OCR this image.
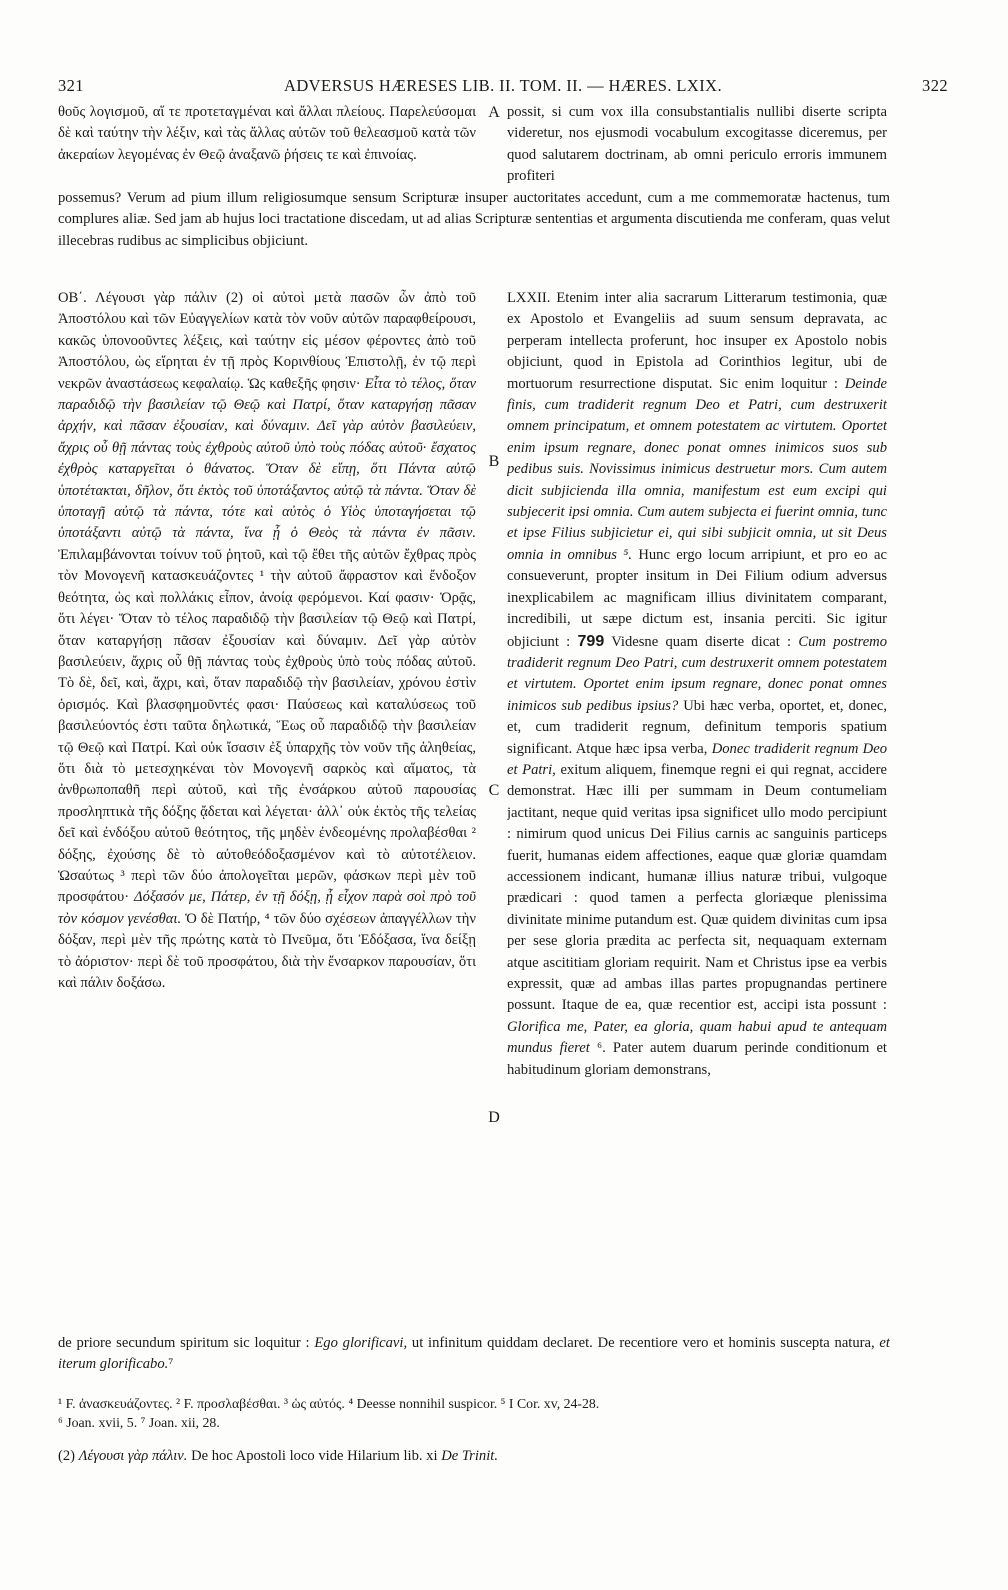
321	ADVERSUS HÆRESES LIB. II. TOM. II. — HÆRES. LXIX.	322

θοῦς λογισμοῦ, αἵ τε προτεταγμέναι καὶ ἄλλαι πλείους. Παρελεύσομαι δὲ καὶ ταύτην τὴν λέξιν, καὶ τὰς ἄλλας αὐτῶν τοῦ θελεασμοῦ κατὰ τῶν ἀκεραίων λεγομένας ἐν Θεῷ ἀναξανῶ ῥήσεις τε καὶ ἐπινοίας.

A possit, si cum vox illa consubstantialis nullibi diserte scripta videretur, nos ejusmodi vocabulum excogitasse diceremus, per quod salutarem doctrinam, ab omni periculo erroris immunem profiteri

possemus? Verum ad pium illum religiosumque sensum Scripturæ insuper auctoritates accedunt, cum a me commemoratæ hactenus, tum complures aliæ. Sed jam ab hujus loci tractatione discedam, ut ad alias Scripturæ sententias et argumenta discutienda me conferam, quas velut illecebras rudibus ac simplicibus objiciunt.

ΟΒ΄. Λέγουσι γὰρ πάλιν (2) οἱ αὐτοὶ μετὰ πασῶν ὧν ἀπὸ τοῦ Ἀποστόλου καὶ τῶν Εὐαγγελίων κατὰ τὸν νοῦν αὐτῶν παραφθείρουσι, κακῶς ὑπονοοῦντες λέξεις, καὶ ταύτην εἰς μέσον φέροντες ἀπὸ τοῦ Ἀποστόλου, ὡς εἴρηται ἐν τῇ πρὸς Κορινθίους Ἐπιστολῇ, ἐν τῷ περὶ νεκρῶν ἀναστάσεως κεφαλαίῳ. Ὡς καθεξῆς φησιν· Εἶτα τὸ τέλος, ὅταν παραδιδῷ τὴν βασιλείαν τῷ Θεῷ καὶ Πατρί, ὅταν καταργήσῃ πᾶσαν ἀρχήν, καὶ πᾶσαν ἐξουσίαν, καὶ δύναμιν. Δεῖ γὰρ αὐτὸν βασιλεύειν, ἄχρις οὗ θῇ πάντας τοὺς ἐχθροὺς αὐτοῦ ὑπὸ τοὺς πόδας αὐτοῦ· ἔσχατος ἐχθρὸς καταργεῖται ὁ θάνατος. Ὅταν δὲ εἴπῃ, ὅτι Πάντα αὐτῷ ὑποτέτακται, δῆλον, ὅτι ἐκτὸς τοῦ ὑποτάξαντος αὐτῷ τὰ πάντα. Ὅταν δὲ ὑποταγῇ αὐτῷ τὰ πάντα, τότε καὶ αὐτὸς ὁ Υἱὸς ὑποταγήσεται τῷ ὑποτάξαντι αὐτῷ τὰ πάντα, ἵνα ᾖ ὁ Θεὸς τὰ πάντα ἐν πᾶσιν. Ἐπιλαμβάνονται τοίνυν τοῦ ῥητοῦ, καὶ τῷ ἔθει τῆς αὐτῶν ἔχθρας πρὸς τὸν Μονογενῆ κατασκευάζοντες ¹ τὴν αὐτοῦ ἄφραστον καὶ ἔνδοξον θεότητα, ὡς καὶ πολλάκις εἶπον, ἀνοίᾳ φερόμενοι. Καί φασιν· Ὁρᾷς, ὅτι λέγει· Ὅταν τὸ τέλος παραδιδῷ τὴν βασιλείαν τῷ Θεῷ καὶ Πατρί, ὅταν καταργήσῃ πᾶσαν ἐξουσίαν καὶ δύναμιν. Δεῖ γὰρ αὐτὸν βασιλεύειν, ἄχρις οὗ θῇ πάντας τοὺς ἐχθροὺς ὑπὸ τοὺς πόδας αὐτοῦ. Τὸ δὲ, δεῖ, καὶ, ἄχρι, καὶ, ὅταν παραδιδῷ τὴν βασιλείαν, χρόνου ἐστὶν ὁρισμός. Καὶ βλασφημοῦντές φασι· Παύσεως καὶ καταλύσεως τοῦ βασιλεύοντός ἐστι ταῦτα δηλωτικά, Ἕως οὗ παραδιδῷ τὴν βασιλείαν τῷ Θεῷ καὶ Πατρί. Καὶ οὐκ ἴσασιν ἐξ ὑπαρχῆς τὸν νοῦν τῆς ἀληθείας, ὅτι διὰ τὸ μετεσχηκέναι τὸν Μονογενῆ σαρκὸς καὶ αἵματος, τὰ ἀνθρωποπαθῆ περὶ αὐτοῦ, καὶ τῆς ἐνσάρκου αὐτοῦ παρουσίας προσληπτικὰ τῆς δόξης ᾄδεται καὶ λέγεται· ἀλλ᾽ οὐκ ἐκτὸς τῆς τελείας δεῖ καὶ ἐνδόξου αὐτοῦ θεότητος, τῆς μηδὲν ἐνδεομένης προλαβέσθαι ² δόξης, ἐχούσης δὲ τὸ αὐτοθεόδοξασμένον καὶ τὸ αὐτοτέλειον. Ὡσαύτως ³ περὶ τῶν δύο ἀπολογεῖται μερῶν, φάσκων περὶ μὲν τοῦ προσφάτου· Δόξασόν με, Πάτερ, ἐν τῇ δόξῃ, ᾗ εἶχον παρὰ σοὶ πρὸ τοῦ τὸν κόσμον γενέσθαι. Ὁ δὲ Πατήρ, ⁴ τῶν δύο σχέσεων ἀπαγγέλλων τὴν δόξαν, περὶ μὲν τῆς πρώτης κατὰ τὸ Πνεῦμα, ὅτι Ἐδόξασα, ἵνα δείξῃ τὸ ἀόριστον· περὶ δὲ τοῦ προσφάτου, διὰ τὴν ἔνσαρκον παρουσίαν, ὅτι καὶ πάλιν δοξάσω.

B
C
D

LXXII. Etenim inter alia sacrarum Litterarum testimonia, quæ ex Apostolo et Evangeliis ad suum sensum depravata, ac perperam intellecta proferunt, hoc insuper ex Apostolo nobis objiciunt, quod in Epistola ad Corinthios legitur, ubi de mortuorum resurrectione disputat. Sic enim loquitur : Deinde finis, cum tradiderit regnum Deo et Patri, cum destruxerit omnem principatum, et omnem potestatem ac virtutem. Oportet enim ipsum regnare, donec ponat omnes inimicos suos sub pedibus suis. Novissimus inimicus destruetur mors. Cum autem dicit subjicienda illa omnia, manifestum est eum excipi qui subjecerit ipsi omnia. Cum autem subjecta ei fuerint omnia, tunc et ipse Filius subjicietur ei, qui sibi subjicit omnia, ut sit Deus omnia in omnibus ⁵. Hunc ergo locum arripiunt, et pro eo ac consueverunt, propter insitum in Dei Filium odium adversus inexplicabilem ac magnificam illius divinitatem comparant, incredibili, ut sæpe dictum est, insania perciti. Sic igitur objiciunt : 799 Videsne quam diserte dicat : Cum postremo tradiderit regnum Deo Patri, cum destruxerit omnem potestatem et virtutem. Oportet enim ipsum regnare, donec ponat omnes inimicos sub pedibus ipsius? Ubi hæc verba, oportet, et, donec, et, cum tradiderit regnum, definitum temporis spatium significant. Atque hæc ipsa verba, Donec tradiderit regnum Deo et Patri, exitum aliquem, finemque regni ei qui regnat, accidere demonstrat. Hæc illi per summam in Deum contumeliam jactitant, neque quid veritas ipsa significet ullo modo percipiunt : nimirum quod unicus Dei Filius carnis ac sanguinis particeps fuerit, humanas eidem affectiones, eaque quæ gloriæ quamdam accessionem indicant, humanæ illius naturæ tribui, vulgoque prædicari : quod tamen a perfecta gloriæque plenissima divinitate minime putandum est. Quæ quidem divinitas cum ipsa per sese gloria prædita ac perfecta sit, nequaquam externam atque ascititiam gloriam requirit. Nam et Christus ipse ea verbis expressit, quæ ad ambas illas partes propugnandas pertinere possunt. Itaque de ea, quæ recentior est, accipi ista possunt : Glorifica me, Pater, ea gloria, quam habui apud te antequam mundus fieret ⁶. Pater autem duarum perinde conditionum et habitudinum gloriam demonstrans,

de priore secundum spiritum sic loquitur : Ego glorificavi, ut infinitum quiddam declaret. De recentiore vero et hominis suscepta natura, et iterum glorificabo.⁷

¹ F. ἀνασκευάζοντες. ² F. προσλαβέσθαι. ³ ὡς αὐτός. ⁴ Deesse nonnihil suspicor. ⁵ I Cor. xv, 24-28.
⁶ Joan. xvii, 5. ⁷ Joan. xii, 28.
(2) Λέγουσι γὰρ πάλιν. De hoc Apostoli loco vide Hilarium lib. xi De Trinit.
